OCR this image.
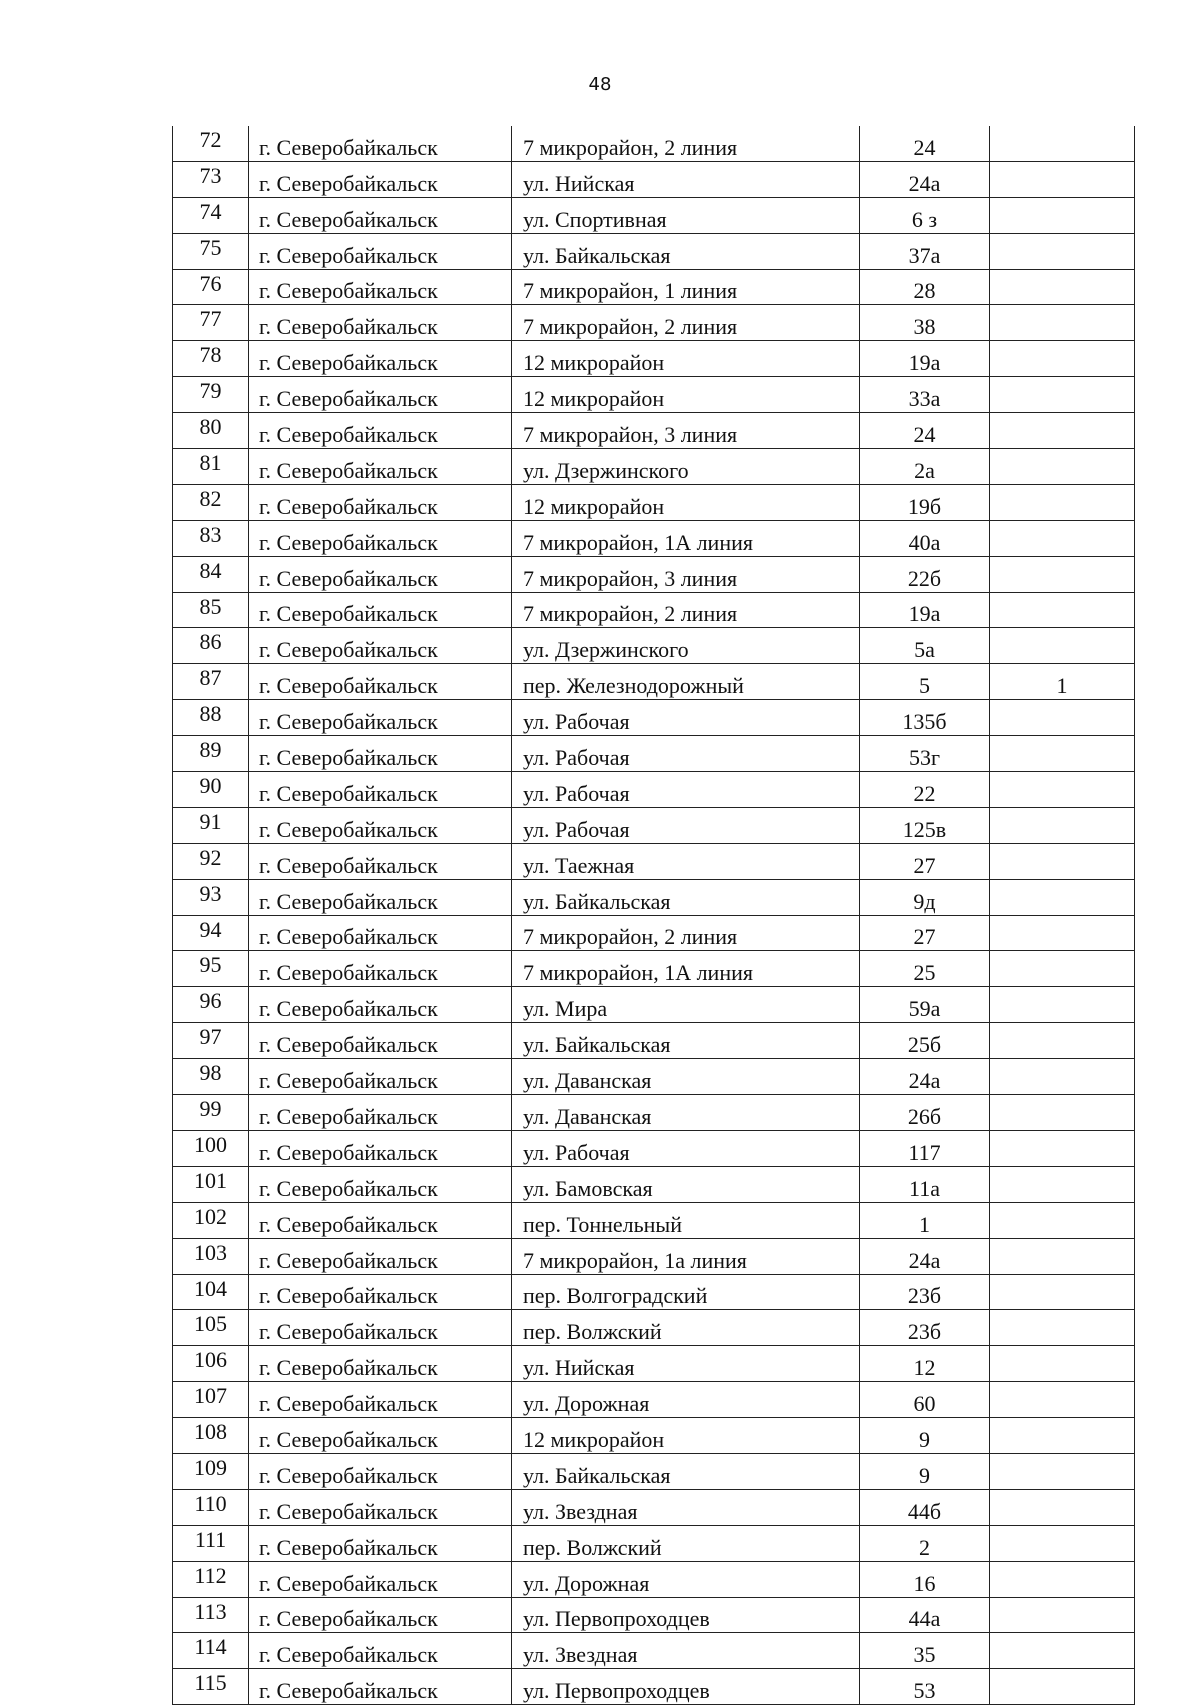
48
72	г. Северобайкальск	7 микрорайон, 2 линия	24	
73	г. Северобайкальск	ул. Нийская	24а	
74	г. Северобайкальск	ул. Спортивная	6 з	
75	г. Северобайкальск	ул. Байкальская	37а	
76	г. Северобайкальск	7 микрорайон, 1 линия	28	
77	г. Северобайкальск	7 микрорайон, 2 линия	38	
78	г. Северобайкальск	12 микрорайон	19а	
79	г. Северобайкальск	12 микрорайон	33а	
80	г. Северобайкальск	7 микрорайон, 3 линия	24	
81	г. Северобайкальск	ул. Дзержинского	2а	
82	г. Северобайкальск	12 микрорайон	19б	
83	г. Северобайкальск	7 микрорайон, 1А линия	40а	
84	г. Северобайкальск	7 микрорайон, 3 линия	22б	
85	г. Северобайкальск	7 микрорайон, 2 линия	19а	
86	г. Северобайкальск	ул. Дзержинского	5а	
87	г. Северобайкальск	пер. Железнодорожный	5	1
88	г. Северобайкальск	ул. Рабочая	135б	
89	г. Северобайкальск	ул. Рабочая	53г	
90	г. Северобайкальск	ул. Рабочая	22	
91	г. Северобайкальск	ул. Рабочая	125в	
92	г. Северобайкальск	ул. Таежная	27	
93	г. Северобайкальск	ул. Байкальская	9д	
94	г. Северобайкальск	7 микрорайон, 2 линия	27	
95	г. Северобайкальск	7 микрорайон, 1А линия	25	
96	г. Северобайкальск	ул. Мира	59а	
97	г. Северобайкальск	ул. Байкальская	25б	
98	г. Северобайкальск	ул. Даванская	24а	
99	г. Северобайкальск	ул. Даванская	26б	
100	г. Северобайкальск	ул. Рабочая	117	
101	г. Северобайкальск	ул. Бамовская	11а	
102	г. Северобайкальск	пер. Тоннельный	1	
103	г. Северобайкальск	7 микрорайон, 1а линия	24а	
104	г. Северобайкальск	пер. Волгоградский	23б	
105	г. Северобайкальск	пер. Волжский	23б	
106	г. Северобайкальск	ул. Нийская	12	
107	г. Северобайкальск	ул. Дорожная	60	
108	г. Северобайкальск	12 микрорайон	9	
109	г. Северобайкальск	ул. Байкальская	9	
110	г. Северобайкальск	ул. Звездная	44б	
111	г. Северобайкальск	пер. Волжский	2	
112	г. Северобайкальск	ул. Дорожная	16	
113	г. Северобайкальск	ул. Первопроходцев	44а	
114	г. Северобайкальск	ул. Звездная	35	
115	г. Северобайкальск	ул. Первопроходцев	53	
